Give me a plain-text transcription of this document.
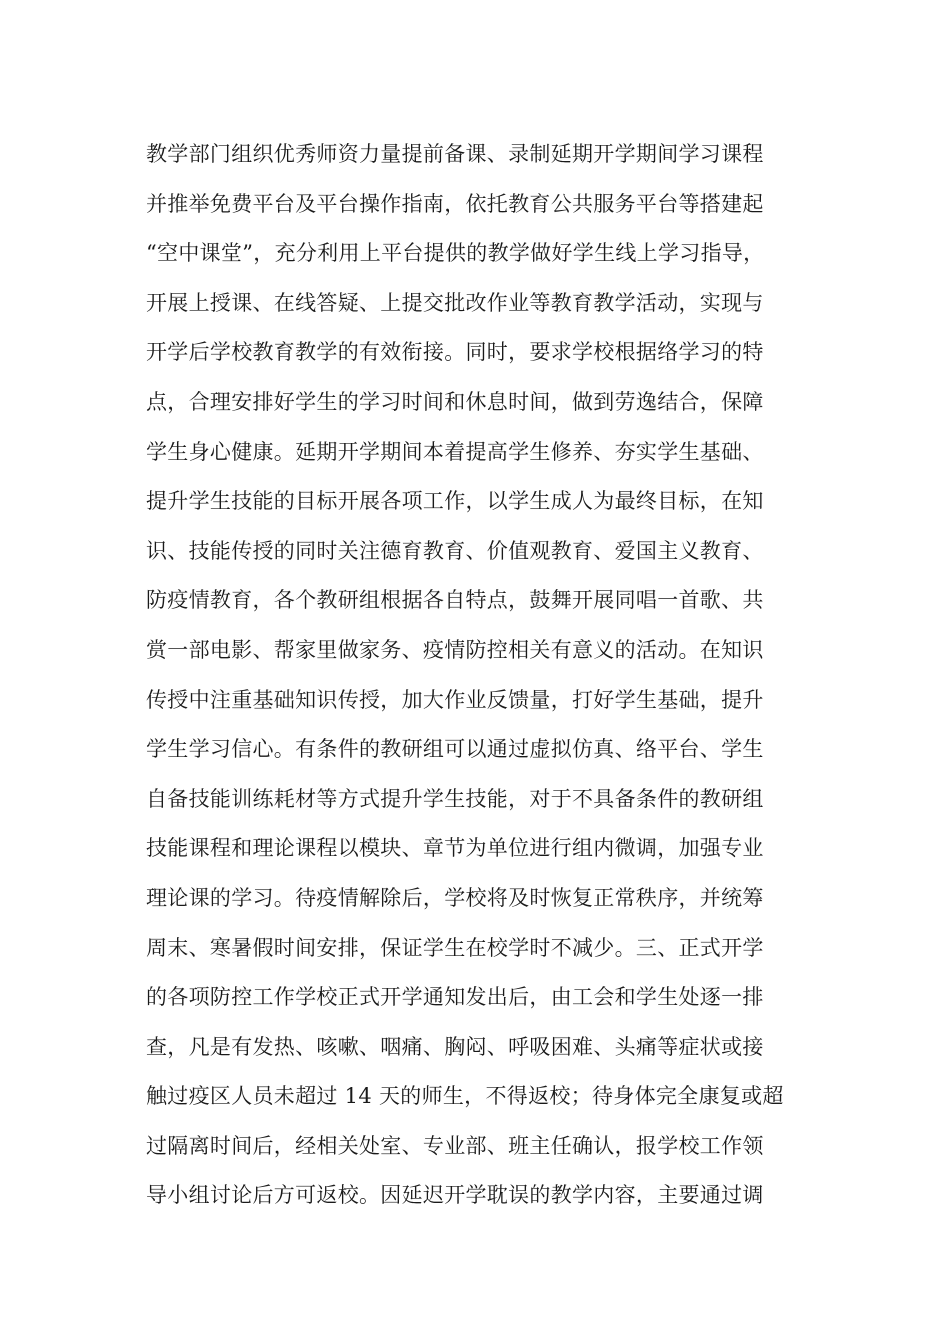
教学部门组织优秀师资力量提前备课、录制延期开学期间学习课程
并推举免费平台及平台操作指南，依托教育公共服务平台等搭建起
“空中课堂”，充分利用上平台提供的教学做好学生线上学习指导，
开展上授课、在线答疑、上提交批改作业等教育教学活动，实现与
开学后学校教育教学的有效衔接。同时，要求学校根据络学习的特
点，合理安排好学生的学习时间和休息时间，做到劳逸结合，保障
学生身心健康。延期开学期间本着提高学生修养、夯实学生基础、
提升学生技能的目标开展各项工作，以学生成人为最终目标，在知
识、技能传授的同时关注德育教育、价值观教育、爱国主义教育、
防疫情教育，各个教研组根据各自特点，鼓舞开展同唱一首歌、共
赏一部电影、帮家里做家务、疫情防控相关有意义的活动。在知识
传授中注重基础知识传授，加大作业反馈量，打好学生基础，提升
学生学习信心。有条件的教研组可以通过虚拟仿真、络平台、学生
自备技能训练耗材等方式提升学生技能，对于不具备条件的教研组
技能课程和理论课程以模块、章节为单位进行组内微调，加强专业
理论课的学习。待疫情解除后，学校将及时恢复正常秩序，并统筹
周末、寒暑假时间安排，保证学生在校学时不减少。三、正式开学
的各项防控工作学校正式开学通知发出后，由工会和学生处逐一排
查，凡是有发热、咳嗽、咽痛、胸闷、呼吸困难、头痛等症状或接
触过疫区人员未超过 14 天的师生，不得返校；待身体完全康复或超
过隔离时间后，经相关处室、专业部、班主任确认，报学校工作领
导小组讨论后方可返校。因延迟开学耽误的教学内容，主要通过调
